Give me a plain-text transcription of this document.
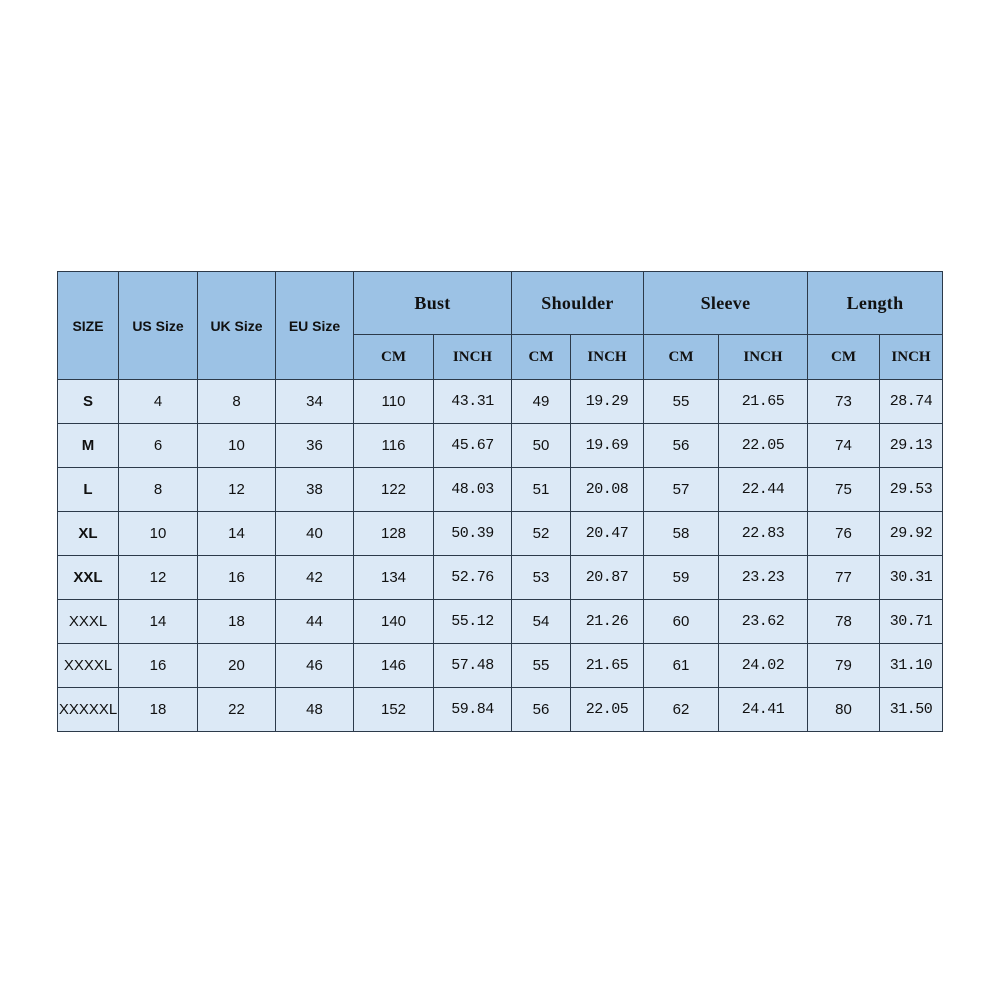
SIZE	US Size	UK Size	EU Size	Bust		Shoulder		Sleeve		Length	
				CM	INCH	CM	INCH	CM	INCH	CM	INCH
S	4	8	34	110	43.31	49	19.29	55	21.65	73	28.74
M	6	10	36	116	45.67	50	19.69	56	22.05	74	29.13
L	8	12	38	122	48.03	51	20.08	57	22.44	75	29.53
XL	10	14	40	128	50.39	52	20.47	58	22.83	76	29.92
XXL	12	16	42	134	52.76	53	20.87	59	23.23	77	30.31
XXXL	14	18	44	140	55.12	54	21.26	60	23.62	78	30.71
XXXXL	16	20	46	146	57.48	55	21.65	61	24.02	79	31.10
XXXXXL	18	22	48	152	59.84	56	22.05	62	24.41	80	31.50
